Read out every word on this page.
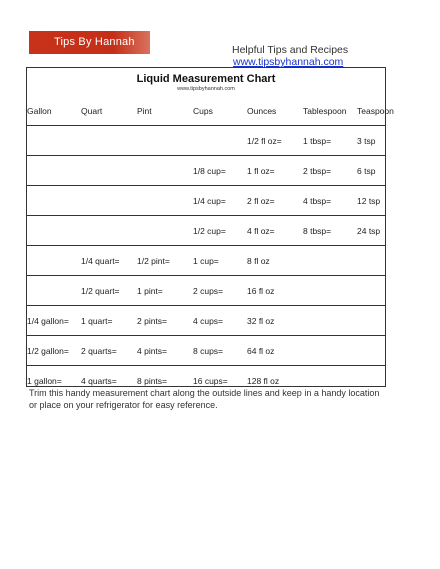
Tips By Hannah
Helpful Tips and Recipes
www.tipsbyhannah.com
Liquid Measurement Chart
www.tipsbyhannah.com
Gallon	Quart	Pint	Cups	Ounces	Tablespoon	Teaspoon
				1/2 fl oz=	1 tbsp=	3 tsp
			1/8 cup=	1 fl oz=	2 tbsp=	6 tsp
			1/4 cup=	2 fl oz=	4 tbsp=	12 tsp
			1/2 cup=	4 fl oz=	8 tbsp=	24 tsp
	1/4 quart=	1/2 pint=	1 cup=	8 fl oz		
	1/2 quart=	1 pint=	2 cups=	16 fl oz		
1/4 gallon=	1 quart=	2 pints=	4 cups=	32 fl oz		
1/2 gallon=	2 quarts=	4 pints=	8 cups=	64 fl oz		
1 gallon=	4 quarts=	8 pints=	16 cups=	128 fl oz		
Trim this handy measurement chart along the outside lines and keep in a handy location or place on your refrigerator for easy reference.
